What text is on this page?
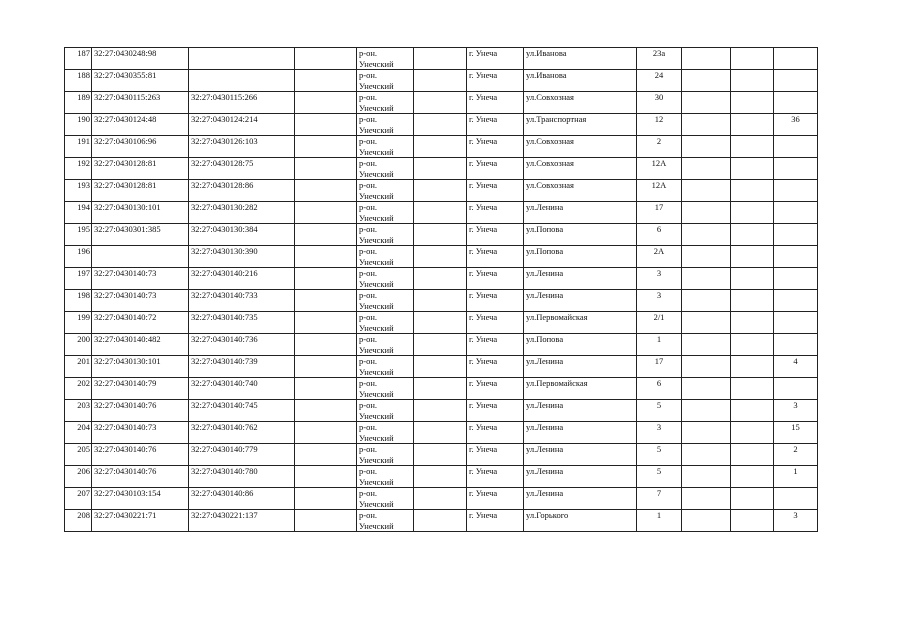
187	32:27:0430248:98			р-он.
Унечский		г. Унеча	ул.Иванова	23а			
188	32:27:0430355:81			р-он.
Унечский		г. Унеча	ул.Иванова	24			
189	32:27:0430115:263	32:27:0430115:266		р-он.
Унечский		г. Унеча	ул.Совхозная	30			
190	32:27:0430124:48	32:27:0430124:214		р-он.
Унечский		г. Унеча	ул.Транспортная	12			36
191	32:27:0430106:96	32:27:0430126:103		р-он.
Унечский		г. Унеча	ул.Совхозная	2			
192	32:27:0430128:81	32:27:0430128:75		р-он.
Унечский		г. Унеча	ул.Совхозная	12А			
193	32:27:0430128:81	32:27:0430128:86		р-он.
Унечский		г. Унеча	ул.Совхозная	12А			
194	32:27:0430130:101	32:27:0430130:282		р-он.
Унечский		г. Унеча	ул.Ленина	17			
195	32:27:0430301:385	32:27:0430130:384		р-он.
Унечский		г. Унеча	ул.Попова	6			
196		32:27:0430130:390		р-он.
Унечский		г. Унеча	ул.Попова	2А			
197	32:27:0430140:73	32:27:0430140:216		р-он.
Унечский		г. Унеча	ул.Ленина	3			
198	32:27:0430140:73	32:27:0430140:733		р-он.
Унечский		г. Унеча	ул.Ленина	3			
199	32:27:0430140:72	32:27:0430140:735		р-он.
Унечский		г. Унеча	ул.Первомайская	2/1			
200	32:27:0430140:482	32:27:0430140:736		р-он.
Унечский		г. Унеча	ул.Попова	1			
201	32:27:0430130:101	32:27:0430140:739		р-он.
Унечский		г. Унеча	ул.Ленина	17			4
202	32:27:0430140:79	32:27:0430140:740		р-он.
Унечский		г. Унеча	ул.Первомайская	6			
203	32:27:0430140:76	32:27:0430140:745		р-он.
Унечский		г. Унеча	ул.Ленина	5			3
204	32:27:0430140:73	32:27:0430140:762		р-он.
Унечский		г. Унеча	ул.Ленина	3			15
205	32:27:0430140:76	32:27:0430140:779		р-он.
Унечский		г. Унеча	ул.Ленина	5			2
206	32:27:0430140:76	32:27:0430140:780		р-он.
Унечский		г. Унеча	ул.Ленина	5			1
207	32:27:0430103:154	32:27:0430140:86		р-он.
Унечский		г. Унеча	ул.Ленина	7			
208	32:27:0430221:71	32:27:0430221:137		р-он.
Унечский		г. Унеча	ул.Горького	1			3
